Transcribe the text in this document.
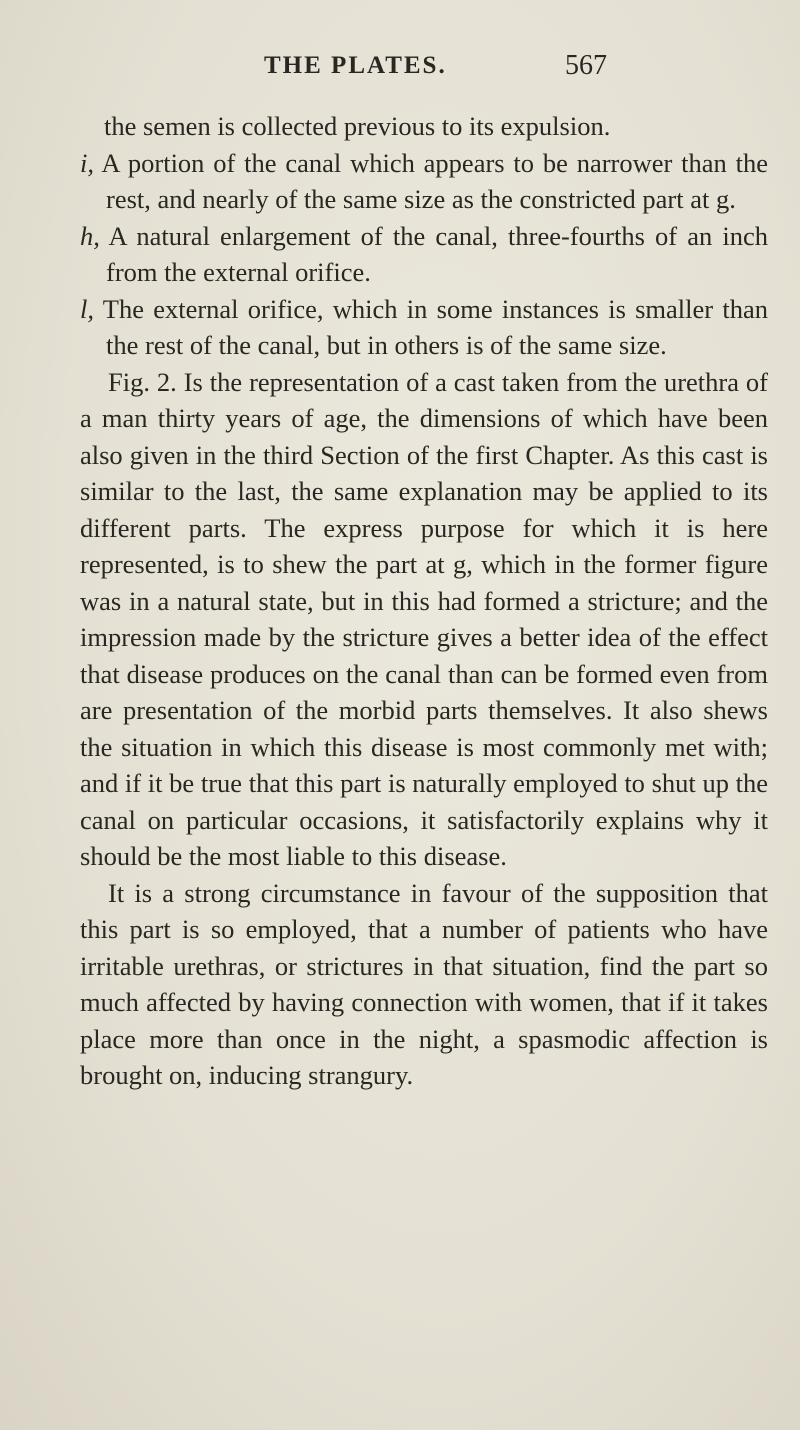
THE PLATES.	567

the semen is collected previous to its expulsion.

i, A portion of the canal which appears to be narrower than the rest, and nearly of the same size as the constricted part at g.

h, A natural enlargement of the canal, three-fourths of an inch from the external orifice.

l, The external orifice, which in some instances is smaller than the rest of the canal, but in others is of the same size.

Fig. 2. Is the representation of a cast taken from the urethra of a man thirty years of age, the dimensions of which have been also given in the third Section of the first Chapter. As this cast is similar to the last, the same explanation may be applied to its different parts. The express purpose for which it is here represented, is to shew the part at g, which in the former figure was in a natural state, but in this had formed a stricture; and the impression made by the stricture gives a better idea of the effect that disease produces on the canal than can be formed even from are presentation of the morbid parts themselves. It also shews the situation in which this disease is most commonly met with; and if it be true that this part is naturally employed to shut up the canal on particular occasions, it satisfactorily explains why it should be the most liable to this disease.

It is a strong circumstance in favour of the supposition that this part is so employed, that a number of patients who have irritable urethras, or strictures in that situation, find the part so much affected by having connection with women, that if it takes place more than once in the night, a spasmodic affection is brought on, inducing strangury.
